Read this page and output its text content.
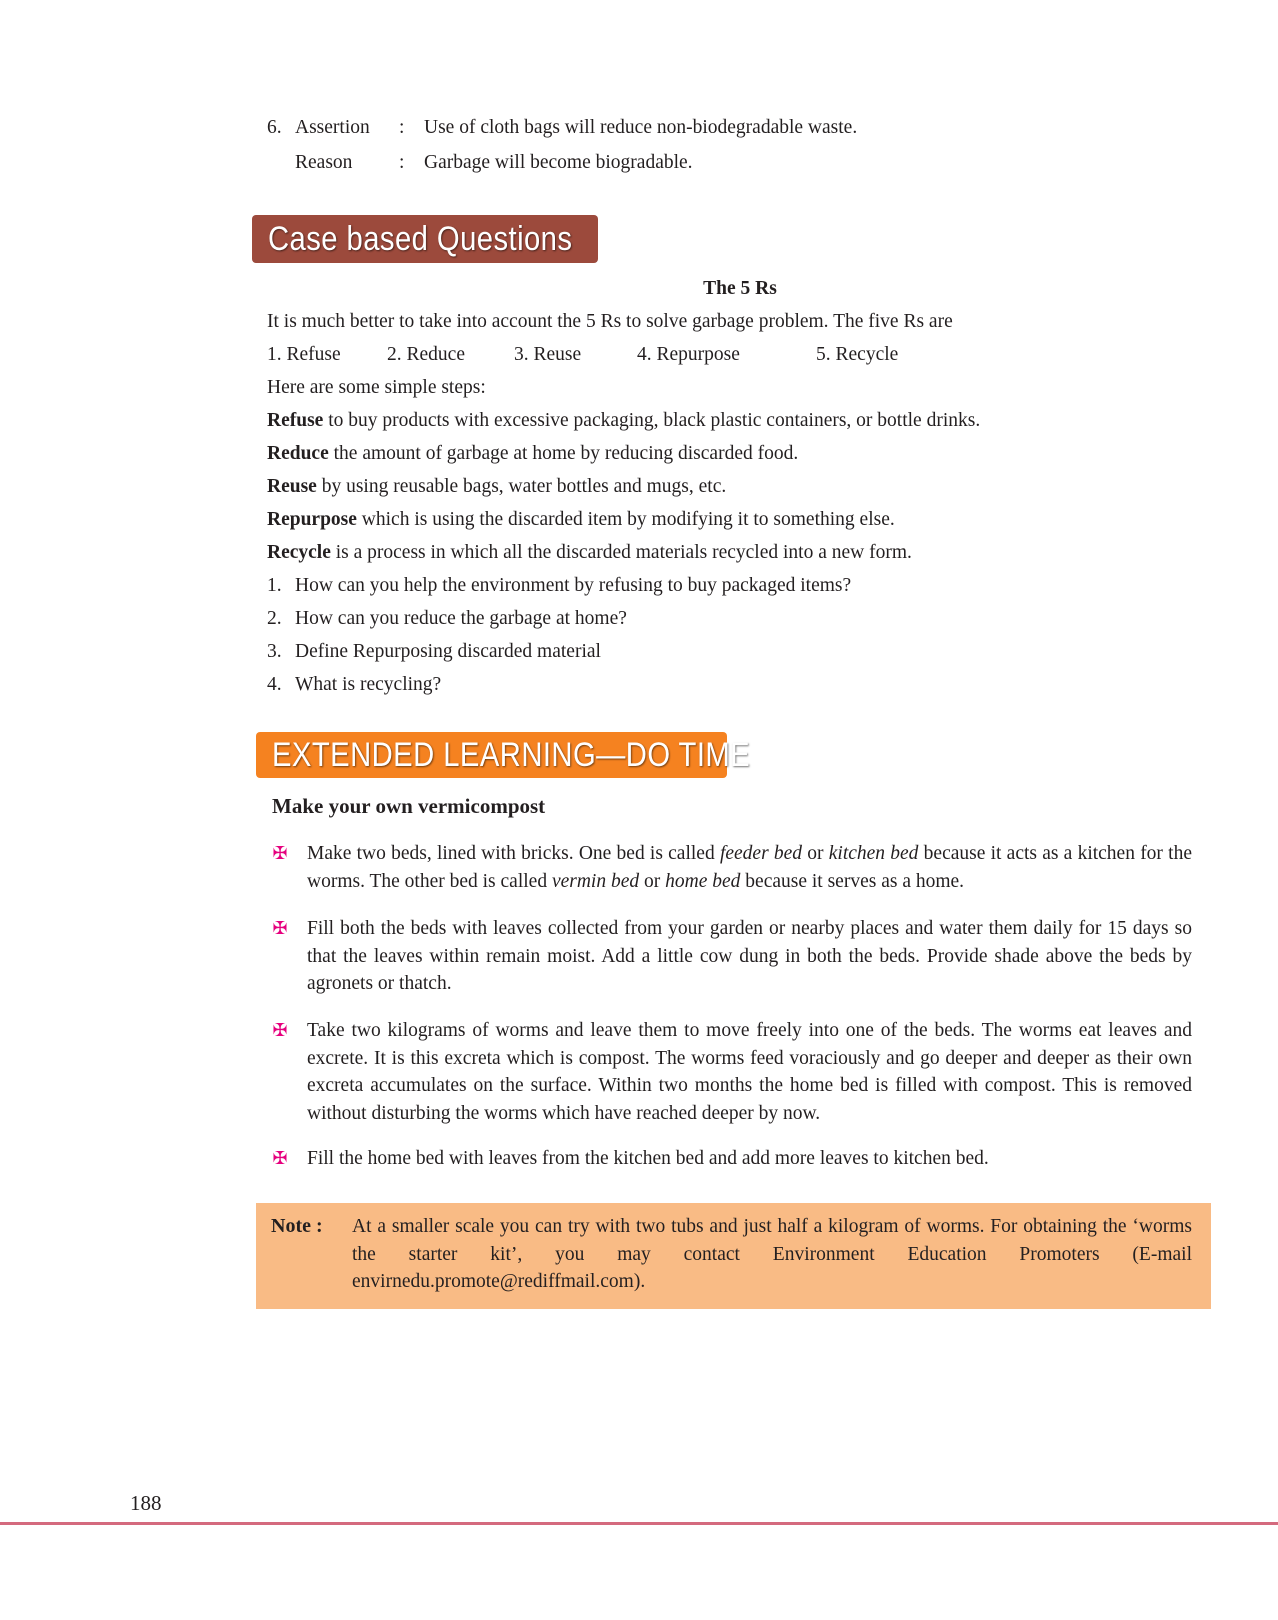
6. Assertion : Use of cloth bags will reduce non-biodegradable waste.
Reason : Garbage will become biogradable.
Case based Questions
The 5 Rs
It is much better to take into account the 5 Rs to solve garbage problem. The five Rs are
1. Refuse 2. Reduce	3. Reuse	4. Repurpose	5. Recycle
Here are some simple steps:
Refuse to buy products with excessive packaging, black plastic containers, or bottle drinks.
Reduce the amount of garbage at home by reducing discarded food.
Reuse by using reusable bags, water bottles and mugs, etc.
Repurpose which is using the discarded item by modifying it to something else.
Recycle is a process in which all the discarded materials recycled into a new form.
1. How can you help the environment by refusing to buy packaged items?
2. How can you reduce the garbage at home?
3. Define Repurposing discarded material
4. What is recycling?
EXTENDED LEARNING—DO TIME
Make your own vermicompost
✠ Make two beds, lined with bricks. One bed is called feeder bed or kitchen bed because it acts as a kitchen for the worms. The other bed is called vermin bed or home bed because it serves as a home.
✠ Fill both the beds with leaves collected from your garden or nearby places and water them daily for 15 days so that the leaves within remain moist. Add a little cow dung in both the beds. Provide shade above the beds by agronets or thatch.
✠ Take two kilograms of worms and leave them to move freely into one of the beds. The worms eat leaves and excrete. It is this excreta which is compost. The worms feed voraciously and go deeper and deeper as their own excreta accumulates on the surface. Within two months the home bed is filled with compost. This is removed without disturbing the worms which have reached deeper by now.
✠ Fill the home bed with leaves from the kitchen bed and add more leaves to kitchen bed.
Note : At a smaller scale you can try with two tubs and just half a kilogram of worms. For obtaining the ‘worms the starter kit’, you may contact Environment Education Promoters (E-mail envirnedu.promote@rediffmail.com).
188
